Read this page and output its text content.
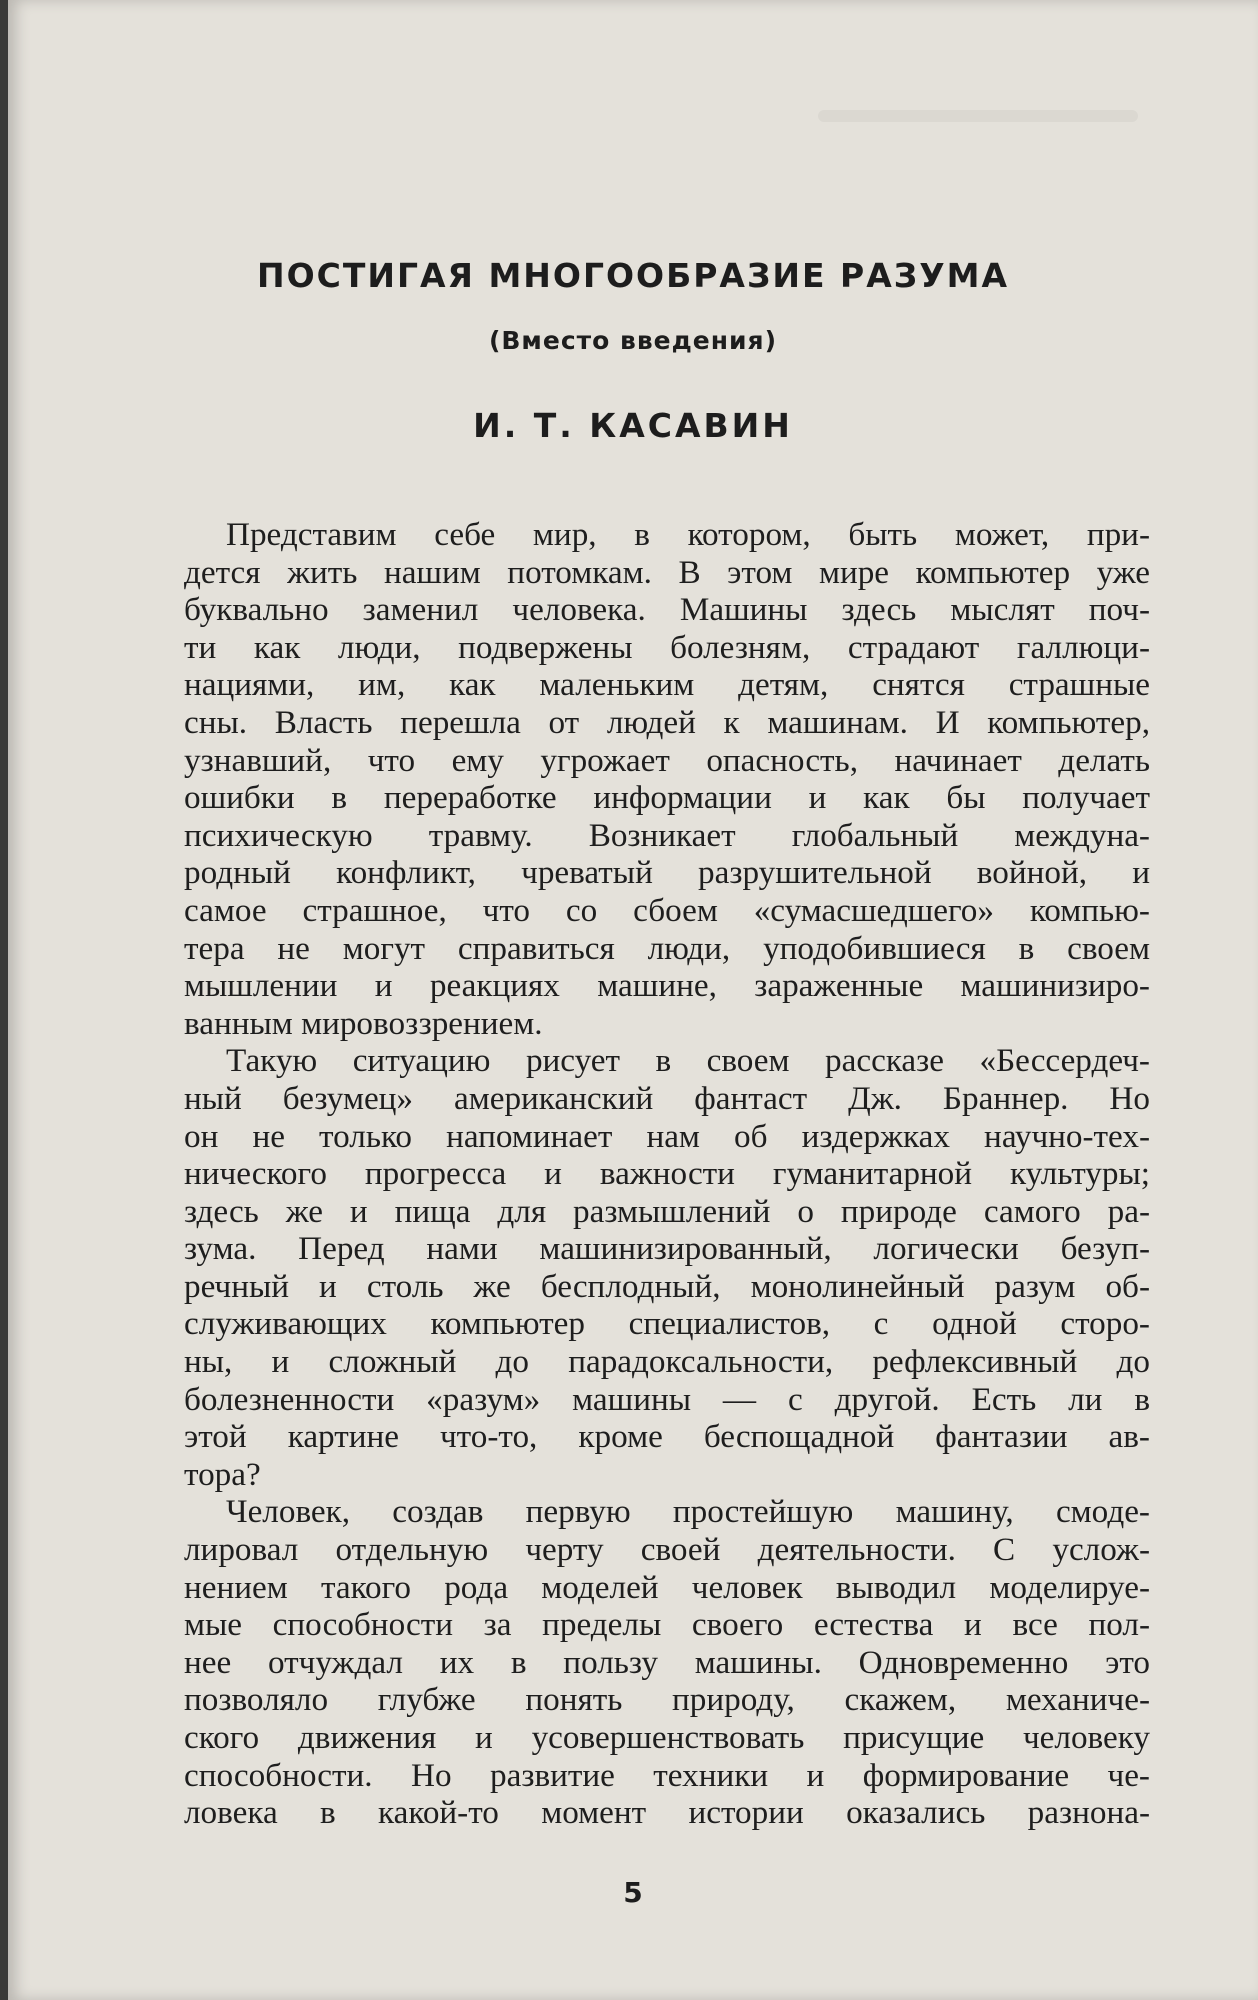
ПОСТИГАЯ МНОГООБРАЗИЕ РАЗУМА
(Вместо введения)
И. Т. КАСАВИН
Представим себе мир, в котором, быть может, при-
дется жить нашим потомкам. В этом мире компьютер уже
буквально заменил человека. Машины здесь мыслят поч-
ти как люди, подвержены болезням, страдают галлюци-
нациями, им, как маленьким детям, снятся страшные
сны. Власть перешла от людей к машинам. И компьютер,
узнавший, что ему угрожает опасность, начинает делать
ошибки в переработке информации и как бы получает
психическую травму. Возникает глобальный междуна-
родный конфликт, чреватый разрушительной войной, и
самое страшное, что со сбоем «сумасшедшего» компью-
тера не могут справиться люди, уподобившиеся в своем
мышлении и реакциях машине, зараженные машинизиро-
ванным мировоззрением.
Такую ситуацию рисует в своем рассказе «Бессердеч-
ный безумец» американский фантаст Дж. Браннер. Но
он не только напоминает нам об издержках научно-тех-
нического прогресса и важности гуманитарной культуры;
здесь же и пища для размышлений о природе самого ра-
зума. Перед нами машинизированный, логически безуп-
речный и столь же бесплодный, монолинейный разум об-
служивающих компьютер специалистов, с одной сторо-
ны, и сложный до парадоксальности, рефлексивный до
болезненности «разум» машины — с другой. Есть ли в
этой картине что-то, кроме беспощадной фантазии ав-
тора?
Человек, создав первую простейшую машину, смоде-
лировал отдельную черту своей деятельности. С услож-
нением такого рода моделей человек выводил моделируе-
мые способности за пределы своего естества и все пол-
нее отчуждал их в пользу машины. Одновременно это
позволяло глубже понять природу, скажем, механиче-
ского движения и усовершенствовать присущие человеку
способности. Но развитие техники и формирование че-
ловека в какой-то момент истории оказались разнона-
5
